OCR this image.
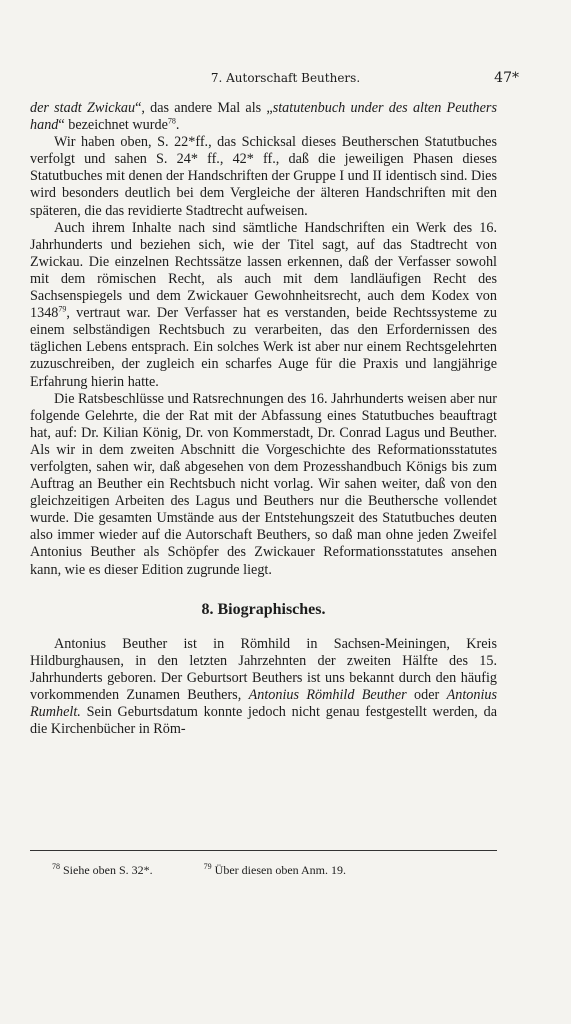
7. Autorschaft Beuthers.	47*

der stadt Zwickau“, das andere Mal als „statutenbuch under des alten Peuthers hand“ bezeichnet wurde$^{78}$.

Wir haben oben, S. 22*ff., das Schicksal dieses Beutherschen Statutbuches verfolgt und sahen S. 24* ff., 42* ff., daß die jeweiligen Phasen dieses Statutbuches mit denen der Handschriften der Gruppe I und II identisch sind. Dies wird besonders deutlich bei dem Vergleiche der älteren Handschriften mit den späteren, die das revidierte Stadtrecht aufweisen.

Auch ihrem Inhalte nach sind sämtliche Handschriften ein Werk des 16. Jahrhunderts und beziehen sich, wie der Titel sagt, auf das Stadtrecht von Zwickau. Die einzelnen Rechtssätze lassen erkennen, daß der Verfasser sowohl mit dem römischen Recht, als auch mit dem landläufigen Recht des Sachsenspiegels und dem Zwickauer Gewohnheitsrecht, auch dem Kodex von 1348$^{79}$, vertraut war. Der Verfasser hat es verstanden, beide Rechtssysteme zu einem selbständigen Rechtsbuch zu verarbeiten, das den Erfordernissen des täglichen Lebens entsprach. Ein solches Werk ist aber nur einem Rechtsgelehrten zuzuschreiben, der zugleich ein scharfes Auge für die Praxis und langjährige Erfahrung hierin hatte.

Die Ratsbeschlüsse und Ratsrechnungen des 16. Jahrhunderts weisen aber nur folgende Gelehrte, die der Rat mit der Abfassung eines Statutbuches beauftragt hat, auf: Dr. Kilian König, Dr. von Kommerstadt, Dr. Conrad Lagus und Beuther. Als wir in dem zweiten Abschnitt die Vorgeschichte des Reformationsstatutes verfolgten, sahen wir, daß abgesehen von dem Prozesshandbuch Königs bis zum Auftrag an Beuther ein Rechtsbuch nicht vorlag. Wir sahen weiter, daß von den gleichzeitigen Arbeiten des Lagus und Beuthers nur die Beuthersche vollendet wurde. Die gesamten Umstände aus der Entstehungszeit des Statutbuches deuten also immer wieder auf die Autorschaft Beuthers, so daß man ohne jeden Zweifel Antonius Beuther als Schöpfer des Zwickauer Reformationsstatutes ansehen kann, wie es dieser Edition zugrunde liegt.

8. Biographisches.

Antonius Beuther ist in Römhild in Sachsen-Meiningen, Kreis Hildburghausen, in den letzten Jahrzehnten der zweiten Hälfte des 15. Jahrhunderts geboren. Der Geburtsort Beuthers ist uns bekannt durch den häufig vorkommenden Zunamen Beuthers, Antonius Römhild Beuther oder Antonius Rumhelt. Sein Geburtsdatum konnte jedoch nicht genau festgestellt werden, da die Kirchenbücher in Röm-

$^{78}$ Siehe oben S. 32*.	$^{79}$ Über diesen oben Anm. 19.
